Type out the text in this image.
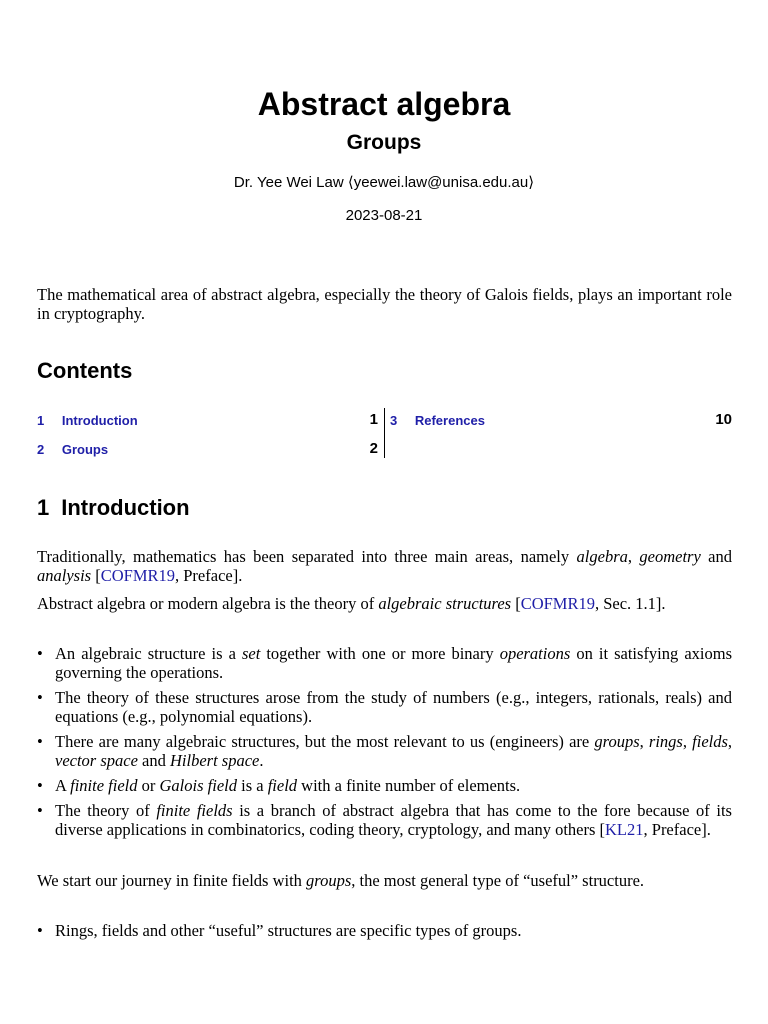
Abstract algebra
Groups
Dr. Yee Wei Law ⟨yeewei.law@unisa.edu.au⟩
2023-08-21
The mathematical area of abstract algebra, especially the theory of Galois fields, plays an important role in cryptography.
Contents
1 Introduction	1
2 Groups	2
3 References	10
1 Introduction
Traditionally, mathematics has been separated into three main areas, namely algebra, geometry and analysis [COFMR19, Preface].
Abstract algebra or modern algebra is the theory of algebraic structures [COFMR19, Sec. 1.1].
• An algebraic structure is a set together with one or more binary operations on it satisfying axioms governing the operations.
• The theory of these structures arose from the study of numbers (e.g., integers, rationals, reals) and equations (e.g., polynomial equations).
• There are many algebraic structures, but the most relevant to us (engineers) are groups, rings, fields, vector space and Hilbert space.
• A finite field or Galois field is a field with a finite number of elements.
• The theory of finite fields is a branch of abstract algebra that has come to the fore because of its diverse applications in combinatorics, coding theory, cryptology, and many others [KL21, Preface].
We start our journey in finite fields with groups, the most general type of “useful” structure.
• Rings, fields and other “useful” structures are specific types of groups.
